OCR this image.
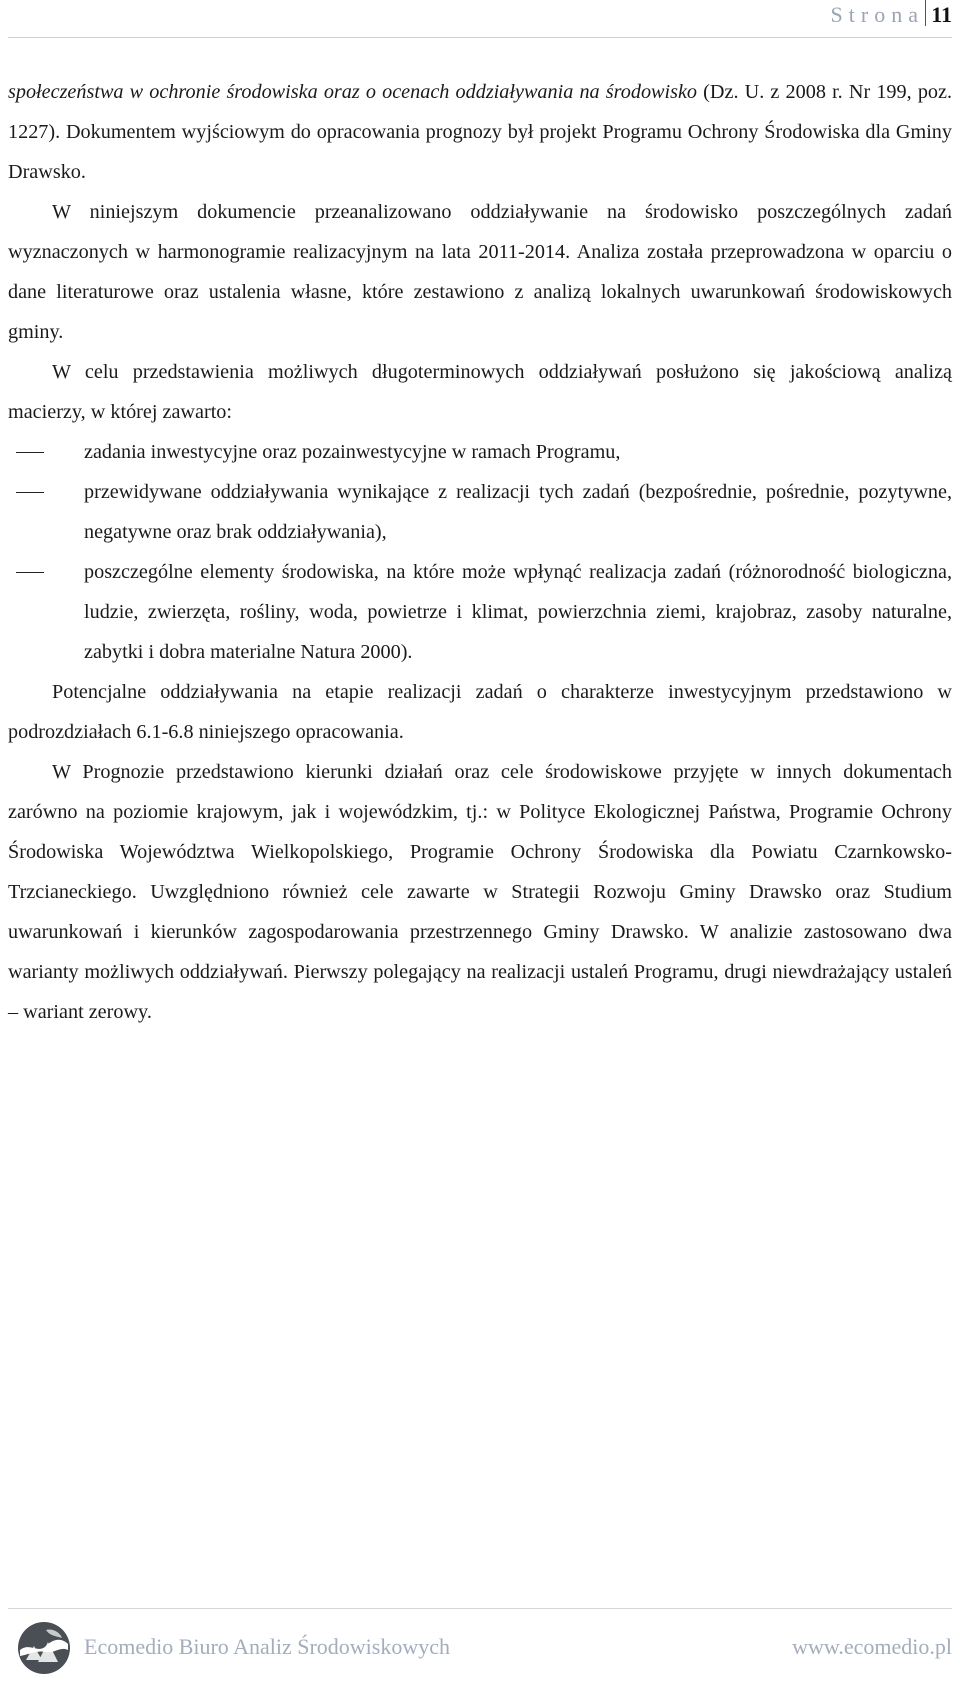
Strona 11

społeczeństwa w ochronie środowiska oraz o ocenach oddziaływania na środowisko (Dz. U. z 2008 r. Nr 199, poz. 1227). Dokumentem wyjściowym do opracowania prognozy był projekt Programu Ochrony Środowiska dla Gminy Drawsko.

W niniejszym dokumencie przeanalizowano oddziaływanie na środowisko poszczególnych zadań wyznaczonych w harmonogramie realizacyjnym na lata 2011-2014. Analiza została przeprowadzona w oparciu o dane literaturowe oraz ustalenia własne, które zestawiono z analizą lokalnych uwarunkowań środowiskowych gminy.

W celu przedstawienia możliwych długoterminowych oddziaływań posłużono się jakościową analizą macierzy, w której zawarto:

zadania inwestycyjne oraz pozainwestycyjne w ramach Programu,
przewidywane oddziaływania wynikające z realizacji tych zadań (bezpośrednie, pośrednie, pozytywne, negatywne oraz brak oddziaływania),
poszczególne elementy środowiska, na które może wpłynąć realizacja zadań (różnorodność biologiczna, ludzie, zwierzęta, rośliny, woda, powietrze i klimat, powierzchnia ziemi, krajobraz, zasoby naturalne, zabytki i dobra materialne Natura 2000).

Potencjalne oddziaływania na etapie realizacji zadań o charakterze inwestycyjnym przedstawiono w podrozdziałach 6.1-6.8 niniejszego opracowania.

W Prognozie przedstawiono kierunki działań oraz cele środowiskowe przyjęte w innych dokumentach zarówno na poziomie krajowym, jak i wojewódzkim, tj.: w Polityce Ekologicznej Państwa, Programie Ochrony Środowiska Województwa Wielkopolskiego, Programie Ochrony Środowiska dla Powiatu Czarnkowsko-Trzcianeckiego. Uwzględniono również cele zawarte w Strategii Rozwoju Gminy Drawsko oraz Studium uwarunkowań i kierunków zagospodarowania przestrzennego Gminy Drawsko. W analizie zastosowano dwa warianty możliwych oddziaływań. Pierwszy polegający na realizacji ustaleń Programu, drugi niewdrażający ustaleń – wariant zerowy.

Ecomedio Biuro Analiz Środowiskowych	www.ecomedio.pl
